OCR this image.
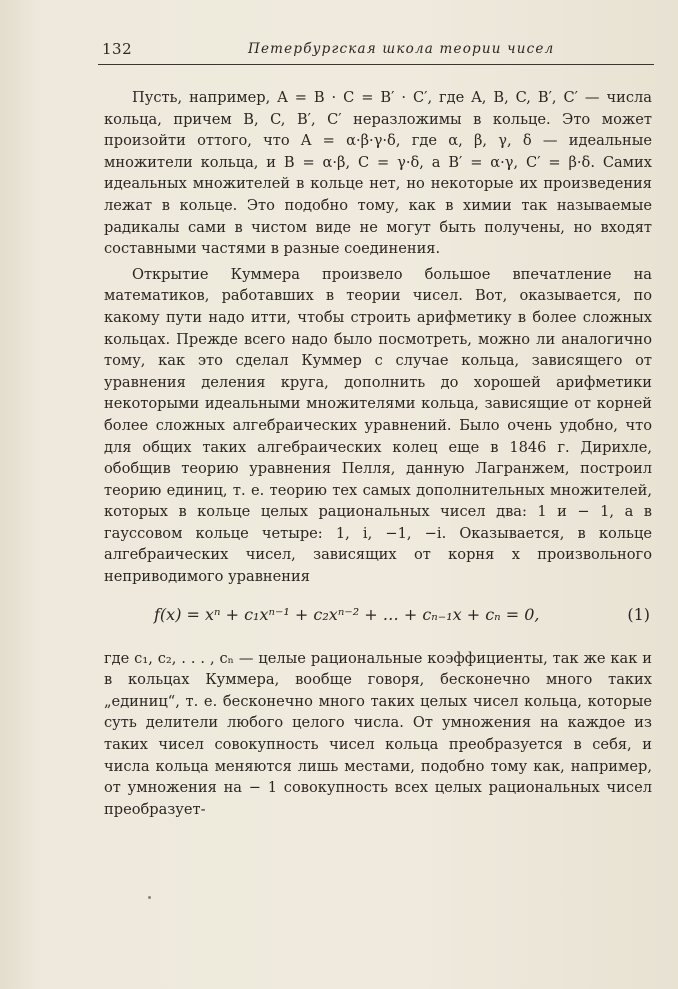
132	Петербургская школа теории чисел

Пусть, например, A = B · C = B′ · C′, где A, B, C, B′, C′ — числа кольца, причем B, C, B′, C′ неразложимы в кольце. Это может произойти оттого, что A = α·β·γ·δ, где α, β, γ, δ — идеальные множители кольца, и B = α·β, C = γ·δ, а B′ = α·γ, C′ = β·δ. Самих идеальных множителей в кольце нет, но некоторые их произведения лежат в кольце. Это подобно тому, как в химии так называемые радикалы сами в чистом виде не могут быть получены, но входят составными частями в разные соединения.

Открытие Куммера произвело большое впечатление на математиков, работавших в теории чисел. Вот, оказывается, по какому пути надо итти, чтобы строить арифметику в более сложных кольцах. Прежде всего надо было посмотреть, можно ли аналогично тому, как это сделал Куммер с случае кольца, зависящего от уравнения деления круга, дополнить до хорошей арифметики некоторыми идеальными множителями кольца, зависящие от корней более сложных алгебраических уравнений. Было очень удобно, что для общих таких алгебраических колец еще в 1846 г. Дирихле, обобщив теорию уравнения Пелля, данную Лагранжем, построил теорию единиц, т. е. теорию тех самых дополнительных множителей, которых в кольце целых рациональных чисел два: 1 и − 1, а в гауссовом кольце четыре: 1, i, −1, −i. Оказывается, в кольце алгебраических чисел, зависящих от корня x произвольного неприводимого уравнения

f(x) = xⁿ + c₁xⁿ⁻¹ + c₂xⁿ⁻² + … + cₙ₋₁x + cₙ = 0,	(1)

где c₁, c₂, . . . , cₙ — целые рациональные коэффициенты, так же как и в кольцах Куммера, вообще говоря, бесконечно много таких „единиц“, т. е. бесконечно много таких целых чисел кольца, которые суть делители любого целого числа. От умножения на каждое из таких чисел совокупность чисел кольца преобразуется в себя, и числа кольца меняются лишь местами, подобно тому как, например, от умножения на − 1 совокупность всех целых рациональных чисел преобразует-
